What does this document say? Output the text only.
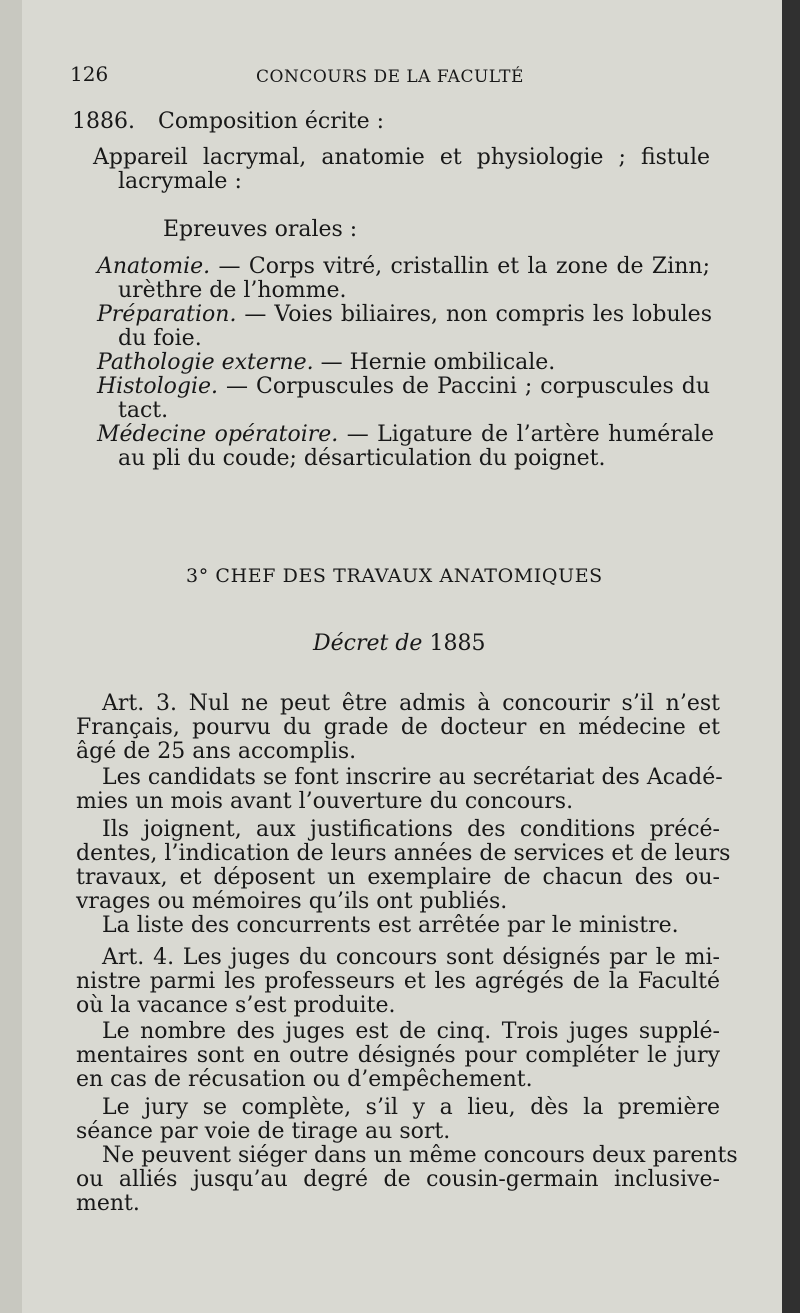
126	CONCOURS DE LA FACULTÉ
1886. Composition écrite :
Appareil lacrymal, anatomie et physiologie ; fistule
lacrymale :
Epreuves orales :
Anatomie. — Corps vitré, cristallin et la zone de Zinn;
urèthre de l’homme.
Préparation. — Voies biliaires, non compris les lobules
du foie.
Pathologie externe. — Hernie ombilicale.
Histologie. — Corpuscules de Paccini ; corpuscules du
tact.
Médecine opératoire. — Ligature de l’artère humérale
au pli du coude; désarticulation du poignet.
3° CHEF DES TRAVAUX ANATOMIQUES
Décret de 1885
Art. 3. Nul ne peut être admis à concourir s’il n’est
Français, pourvu du grade de docteur en médecine et
âgé de 25 ans accomplis.
Les candidats se font inscrire au secrétariat des Acadé-
mies un mois avant l’ouverture du concours.
Ils joignent, aux justifications des conditions précé-
dentes, l’indication de leurs années de services et de leurs
travaux, et déposent un exemplaire de chacun des ou-
vrages ou mémoires qu’ils ont publiés.
La liste des concurrents est arrêtée par le ministre.
Art. 4. Les juges du concours sont désignés par le mi-
nistre parmi les professeurs et les agrégés de la Faculté
où la vacance s’est produite.
Le nombre des juges est de cinq. Trois juges supplé-
mentaires sont en outre désignés pour compléter le jury
en cas de récusation ou d’empêchement.
Le jury se complète, s’il y a lieu, dès la première
séance par voie de tirage au sort.
Ne peuvent siéger dans un même concours deux parents
ou alliés jusqu’au degré de cousin-germain inclusive-
ment.
